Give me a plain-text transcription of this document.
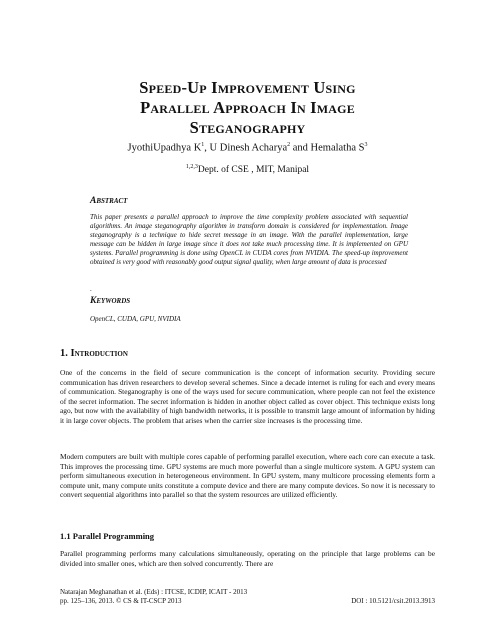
Speed-Up Improvement Using
Parallel Approach In Image
Steganography
JyothiUpadhya $K^1$, U Dinesh Acharya$^2$ and Hemalatha $S^3$
$^{1,2,3}$Dept. of CSE , MIT, Manipal
Abstract
This paper presents a parallel approach to improve the time complexity problem associated with sequential algorithms. An image steganography algorithm in transform domain is considered for implementation. Image steganography is a technique to hide secret message in an image. With the parallel implementation, large message can be hidden in large image since it does not take much processing time. It is implemented on GPU systems. Parallel programming is done using OpenCL in CUDA cores from NVIDIA. The speed-up improvement obtained is very good with reasonably good output signal quality, when large amount of data is processed
.
Keywords
OpenCL, CUDA, GPU, NVIDIA
1. Introduction
One of the concerns in the field of secure communication is the concept of information security. Providing secure communication has driven researchers to develop several schemes. Since a decade internet is ruling for each and every means of communication. Steganography is one of the ways used for secure communication, where people can not feel the existence of the secret information. The secret information is hidden in another object called as cover object. This technique exists long ago, but now with the availability of high bandwidth networks, it is possible to transmit large amount of information by hiding it in large cover objects. The problem that arises when the carrier size increases is the processing time.
Modern computers are built with multiple cores capable of performing parallel execution, where each core can execute a task. This improves the processing time. GPU systems are much more powerful than a single multicore system. A GPU system can perform simultaneous execution in heterogeneous environment. In GPU system, many multicore processing elements form a compute unit, many compute units constitute a compute device and there are many compute devices. So now it is necessary to convert sequential algorithms into parallel so that the system resources are utilized efficiently.
1.1 Parallel Programming
Parallel programming performs many calculations simultaneously, operating on the principle that large problems can be divided into smaller ones, which are then solved concurrently. There are
Natarajan Meghanathan et al. (Eds) : ITCSE, ICDIP, ICAIT - 2013
pp. 125–136, 2013. © CS & IT-CSCP 2013	DOI : 10.5121/csit.2013.3913
